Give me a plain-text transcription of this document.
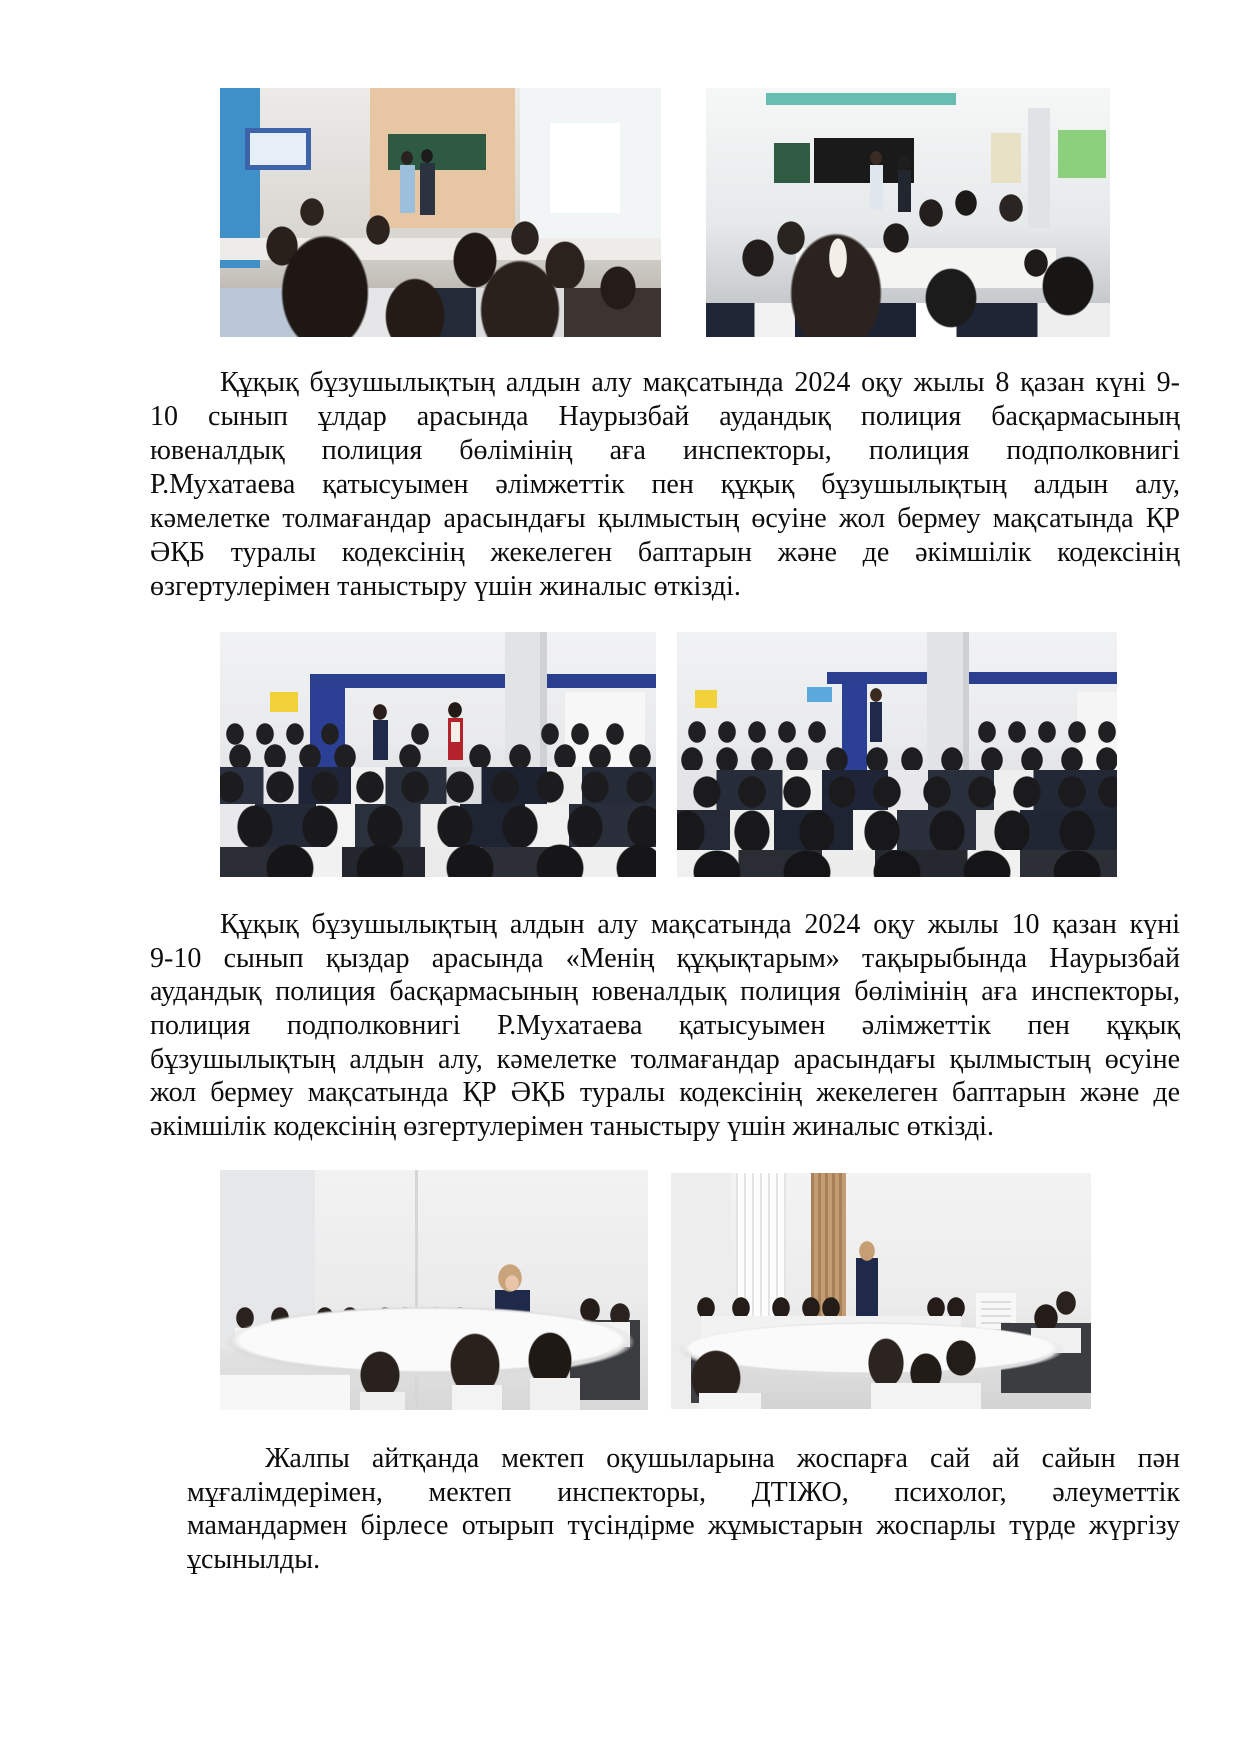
Құқық бұзушылықтың алдын алу мақсатында 2024 оқу жылы 8 қазан күні 9-
10 сынып ұлдар арасында Наурызбай аудандық полиция басқармасының
ювеналдық полиция бөлімінің аға инспекторы, полиция подполковнигі
Р.Мухатаева қатысуымен әлімжеттік пен құқық бұзушылықтың алдын алу,
кәмелетке толмағандар арасындағы қылмыстың өсуіне жол бермеу мақсатында ҚР
ӘҚБ туралы кодексінің жекелеген баптарын және де әкімшілік кодексінің
өзгертулерімен таныстыру үшін жиналыс өткізді.
Құқық бұзушылықтың алдын алу мақсатында 2024 оқу жылы 10 қазан күні
9-10 сынып қыздар арасында «Менің құқықтарым» тақырыбында Наурызбай
аудандық полиция басқармасының ювеналдық полиция бөлімінің аға инспекторы,
полиция подполковнигі Р.Мухатаева қатысуымен әлімжеттік пен құқық
бұзушылықтың алдын алу, кәмелетке толмағандар арасындағы қылмыстың өсуіне
жол бермеу мақсатында ҚР ӘҚБ туралы кодексінің жекелеген баптарын және де
әкімшілік кодексінің өзгертулерімен таныстыру үшін жиналыс өткізді.
Жалпы айтқанда мектеп оқушыларына жоспарға сай ай сайын пән
мұғалімдерімен, мектеп инспекторы, ДТІЖО, психолог, әлеуметтік
мамандармен бірлесе отырып түсіндірме жұмыстарын жоспарлы түрде жүргізу
ұсынылды.
